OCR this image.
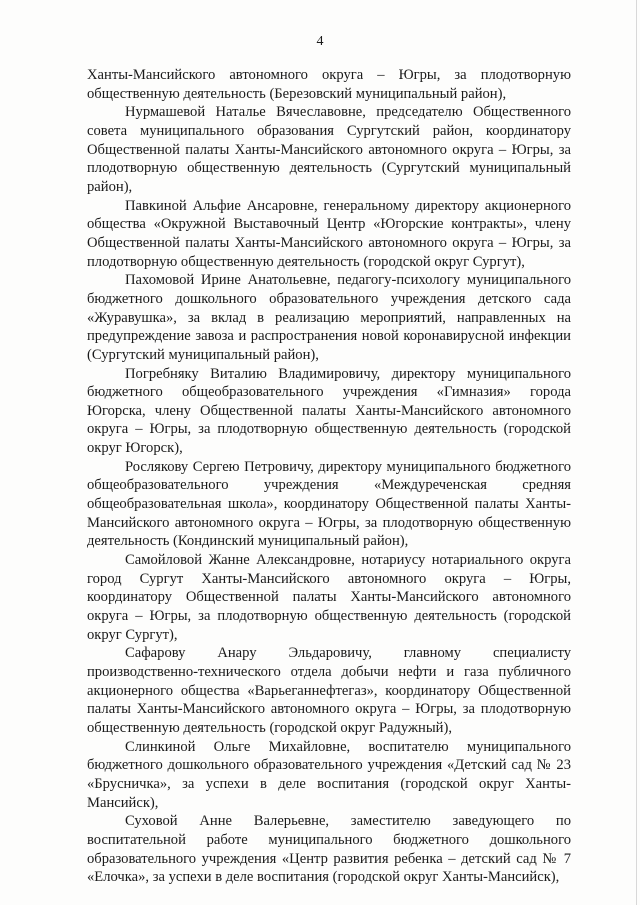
4

Ханты-Мансийского автономного округа – Югры, за плодотворную общественную деятельность (Березовский муниципальный район),

Нурмашевой Наталье Вячеславовне, председателю Общественного совета муниципального образования Сургутский район, координатору Общественной палаты Ханты-Мансийского автономного округа – Югры, за плодотворную общественную деятельность (Сургутский муниципальный район),

Павкиной Альфие Ансаровне, генеральному директору акционерного общества «Окружной Выставочный Центр «Югорские контракты», члену Общественной палаты Ханты-Мансийского автономного округа – Югры, за плодотворную общественную деятельность (городской округ Сургут),

Пахомовой Ирине Анатольевне, педагогу-психологу муниципального бюджетного дошкольного образовательного учреждения детского сада «Журавушка», за вклад в реализацию мероприятий, направленных на предупреждение завоза и распространения новой коронавирусной инфекции (Сургутский муниципальный район),

Погребняку Виталию Владимировичу, директору муниципального бюджетного общеобразовательного учреждения «Гимназия» города Югорска, члену Общественной палаты Ханты-Мансийского автономного округа – Югры, за плодотворную общественную деятельность (городской округ Югорск),

Рослякову Сергею Петровичу, директору муниципального бюджетного общеобразовательного учреждения «Междуреченская средняя общеобразовательная школа», координатору Общественной палаты Ханты-Мансийского автономного округа – Югры, за плодотворную общественную деятельность (Кондинский муниципальный район),

Самойловой Жанне Александровне, нотариусу нотариального округа город Сургут Ханты-Мансийского автономного округа – Югры, координатору Общественной палаты Ханты-Мансийского автономного округа – Югры, за плодотворную общественную деятельность (городской округ Сургут),

Сафарову Анару Эльдаровичу, главному специалисту производственно-технического отдела добычи нефти и газа публичного акционерного общества «Варьеганнефтегаз», координатору Общественной палаты Ханты-Мансийского автономного округа – Югры, за плодотворную общественную деятельность (городской округ Радужный),

Слинкиной Ольге Михайловне, воспитателю муниципального бюджетного дошкольного образовательного учреждения «Детский сад № 23 «Брусничка», за успехи в деле воспитания (городской округ Ханты-Мансийск),

Суховой Анне Валерьевне, заместителю заведующего по воспитательной работе муниципального бюджетного дошкольного образовательного учреждения «Центр развития ребенка – детский сад № 7 «Елочка», за успехи в деле воспитания (городской округ Ханты-Мансийск),
